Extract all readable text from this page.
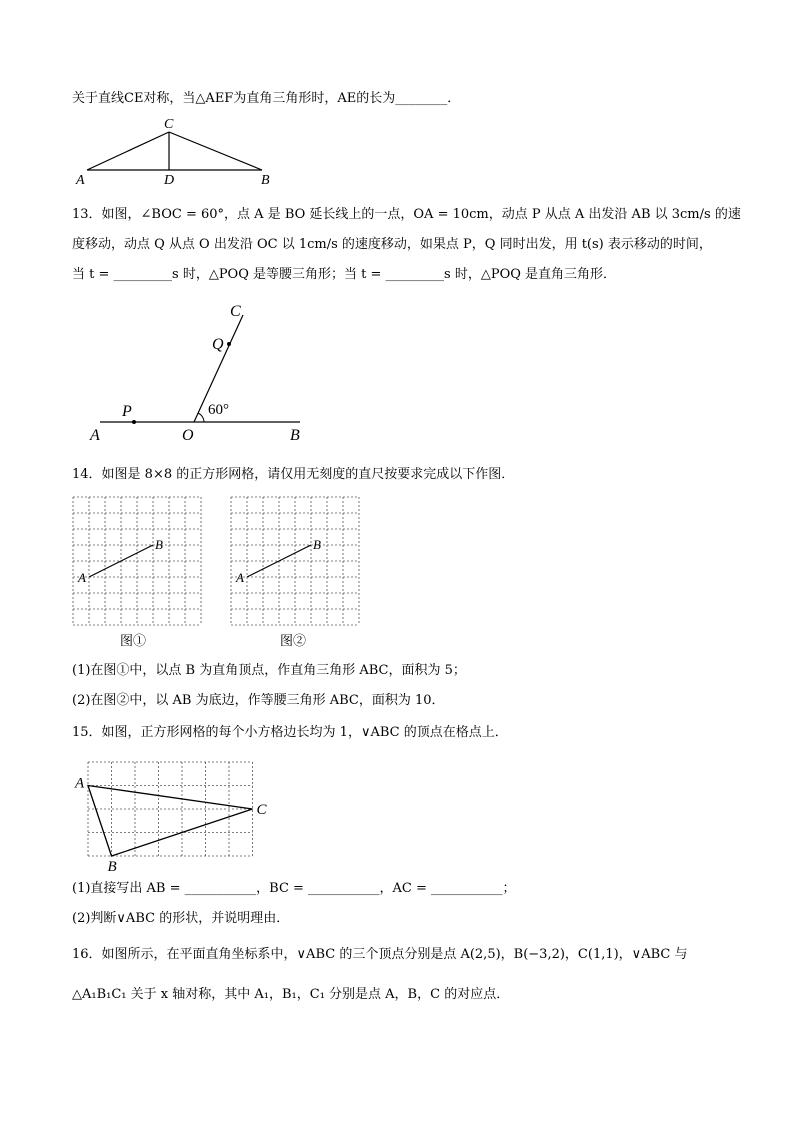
关于直线CE对称，当△AEF为直角三角形时，AE的长为________．
C
A	D	B
13．如图，∠BOC = 60°，点 A 是 BO 延长线上的一点，OA = 10cm，动点 P 从点 A 出发沿 AB 以 3cm/s 的速
度移动，动点 Q 从点 O 出发沿 OC 以 1cm/s 的速度移动，如果点 P，Q 同时出发，用 t(s) 表示移动的时间，
当 t = _________s 时，△POQ 是等腰三角形；当 t = _________s 时，△POQ 是直角三角形．
C
Q
60°
P
A	O	B
14．如图是 8×8 的正方形网格，请仅用无刻度的直尺按要求完成以下作图．
A
B
A
B
图①	图②
(1)在图①中，以点 B 为直角顶点，作直角三角形 ABC，面积为 5；
(2)在图②中，以 AB 为底边，作等腰三角形 ABC，面积为 10．
15．如图，正方形网格的每个小方格边长均为 1，∨ABC 的顶点在格点上．
A
B
C
(1)直接写出 AB = ___________，BC = ___________，AC = ___________；
(2)判断∨ABC 的形状，并说明理由．
16．如图所示，在平面直角坐标系中，∨ABC 的三个顶点分别是点 A(2,5)，B(−3,2)，C(1,1)，∨ABC 与
△A₁B₁C₁ 关于 x 轴对称，其中 A₁，B₁，C₁ 分别是点 A，B，C 的对应点．
